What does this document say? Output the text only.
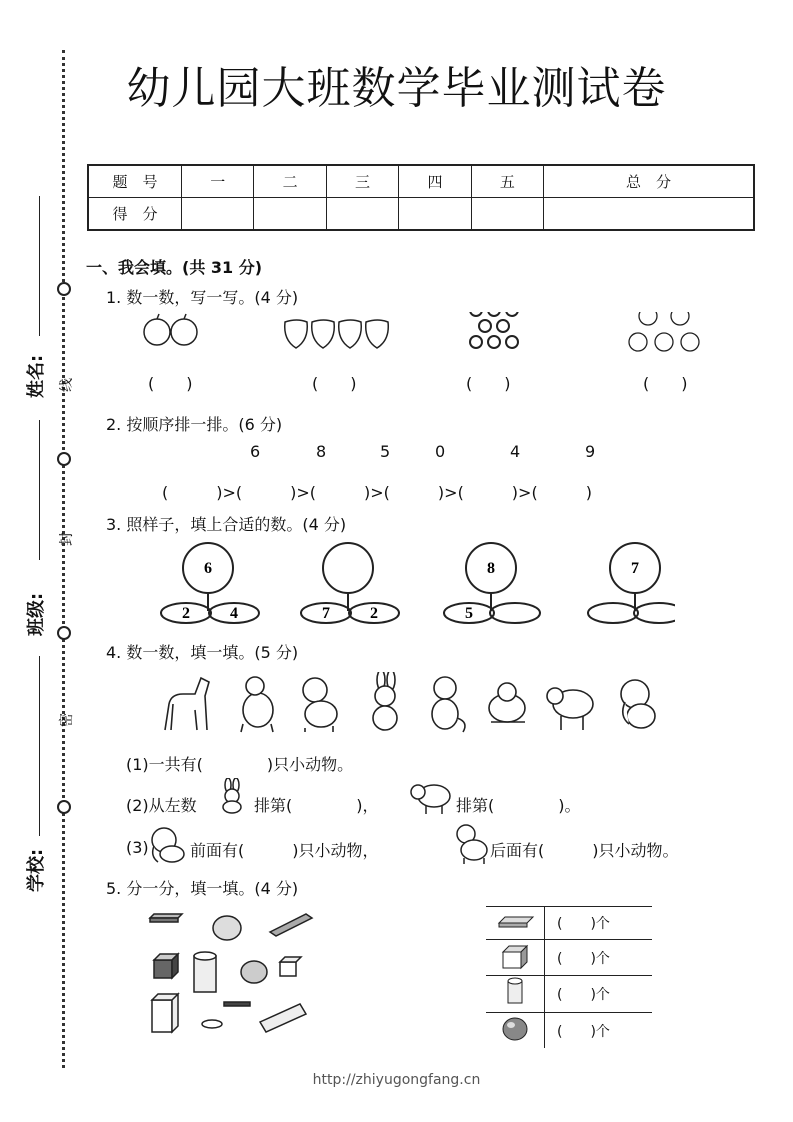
幼儿园大班数学毕业测试卷
线
封
密
姓名:
班级:
学校:
题　号	一	二	三	四	五	总　分
得　分						
一、我会填。(共 31 分)
1. 数一数，写一写。(4 分)
(　　)	(　　)	(　　)	(　　)
2. 按顺序排一排。(6 分)
6	8	5	0	4	9
(　　　)>(　　　)>(　　　)>(　　　)>(　　　)>(　　　)
3. 照样子，填上合适的数。(4 分)
6
2	4	7	2
8
5
7
4. 数一数，填一填。(5 分)
(1)一共有(　　　　)只小动物。
(2)从左数	排第(　　　　)，	排第(　　　　)。
(3)	前面有(　　　)只小动物，	后面有(　　　)只小动物。
5. 分一分，填一填。(4 分)
	(　　)个
	(　　)个
	(　　)个
	(　　)个
http://zhiyugongfang.cn
